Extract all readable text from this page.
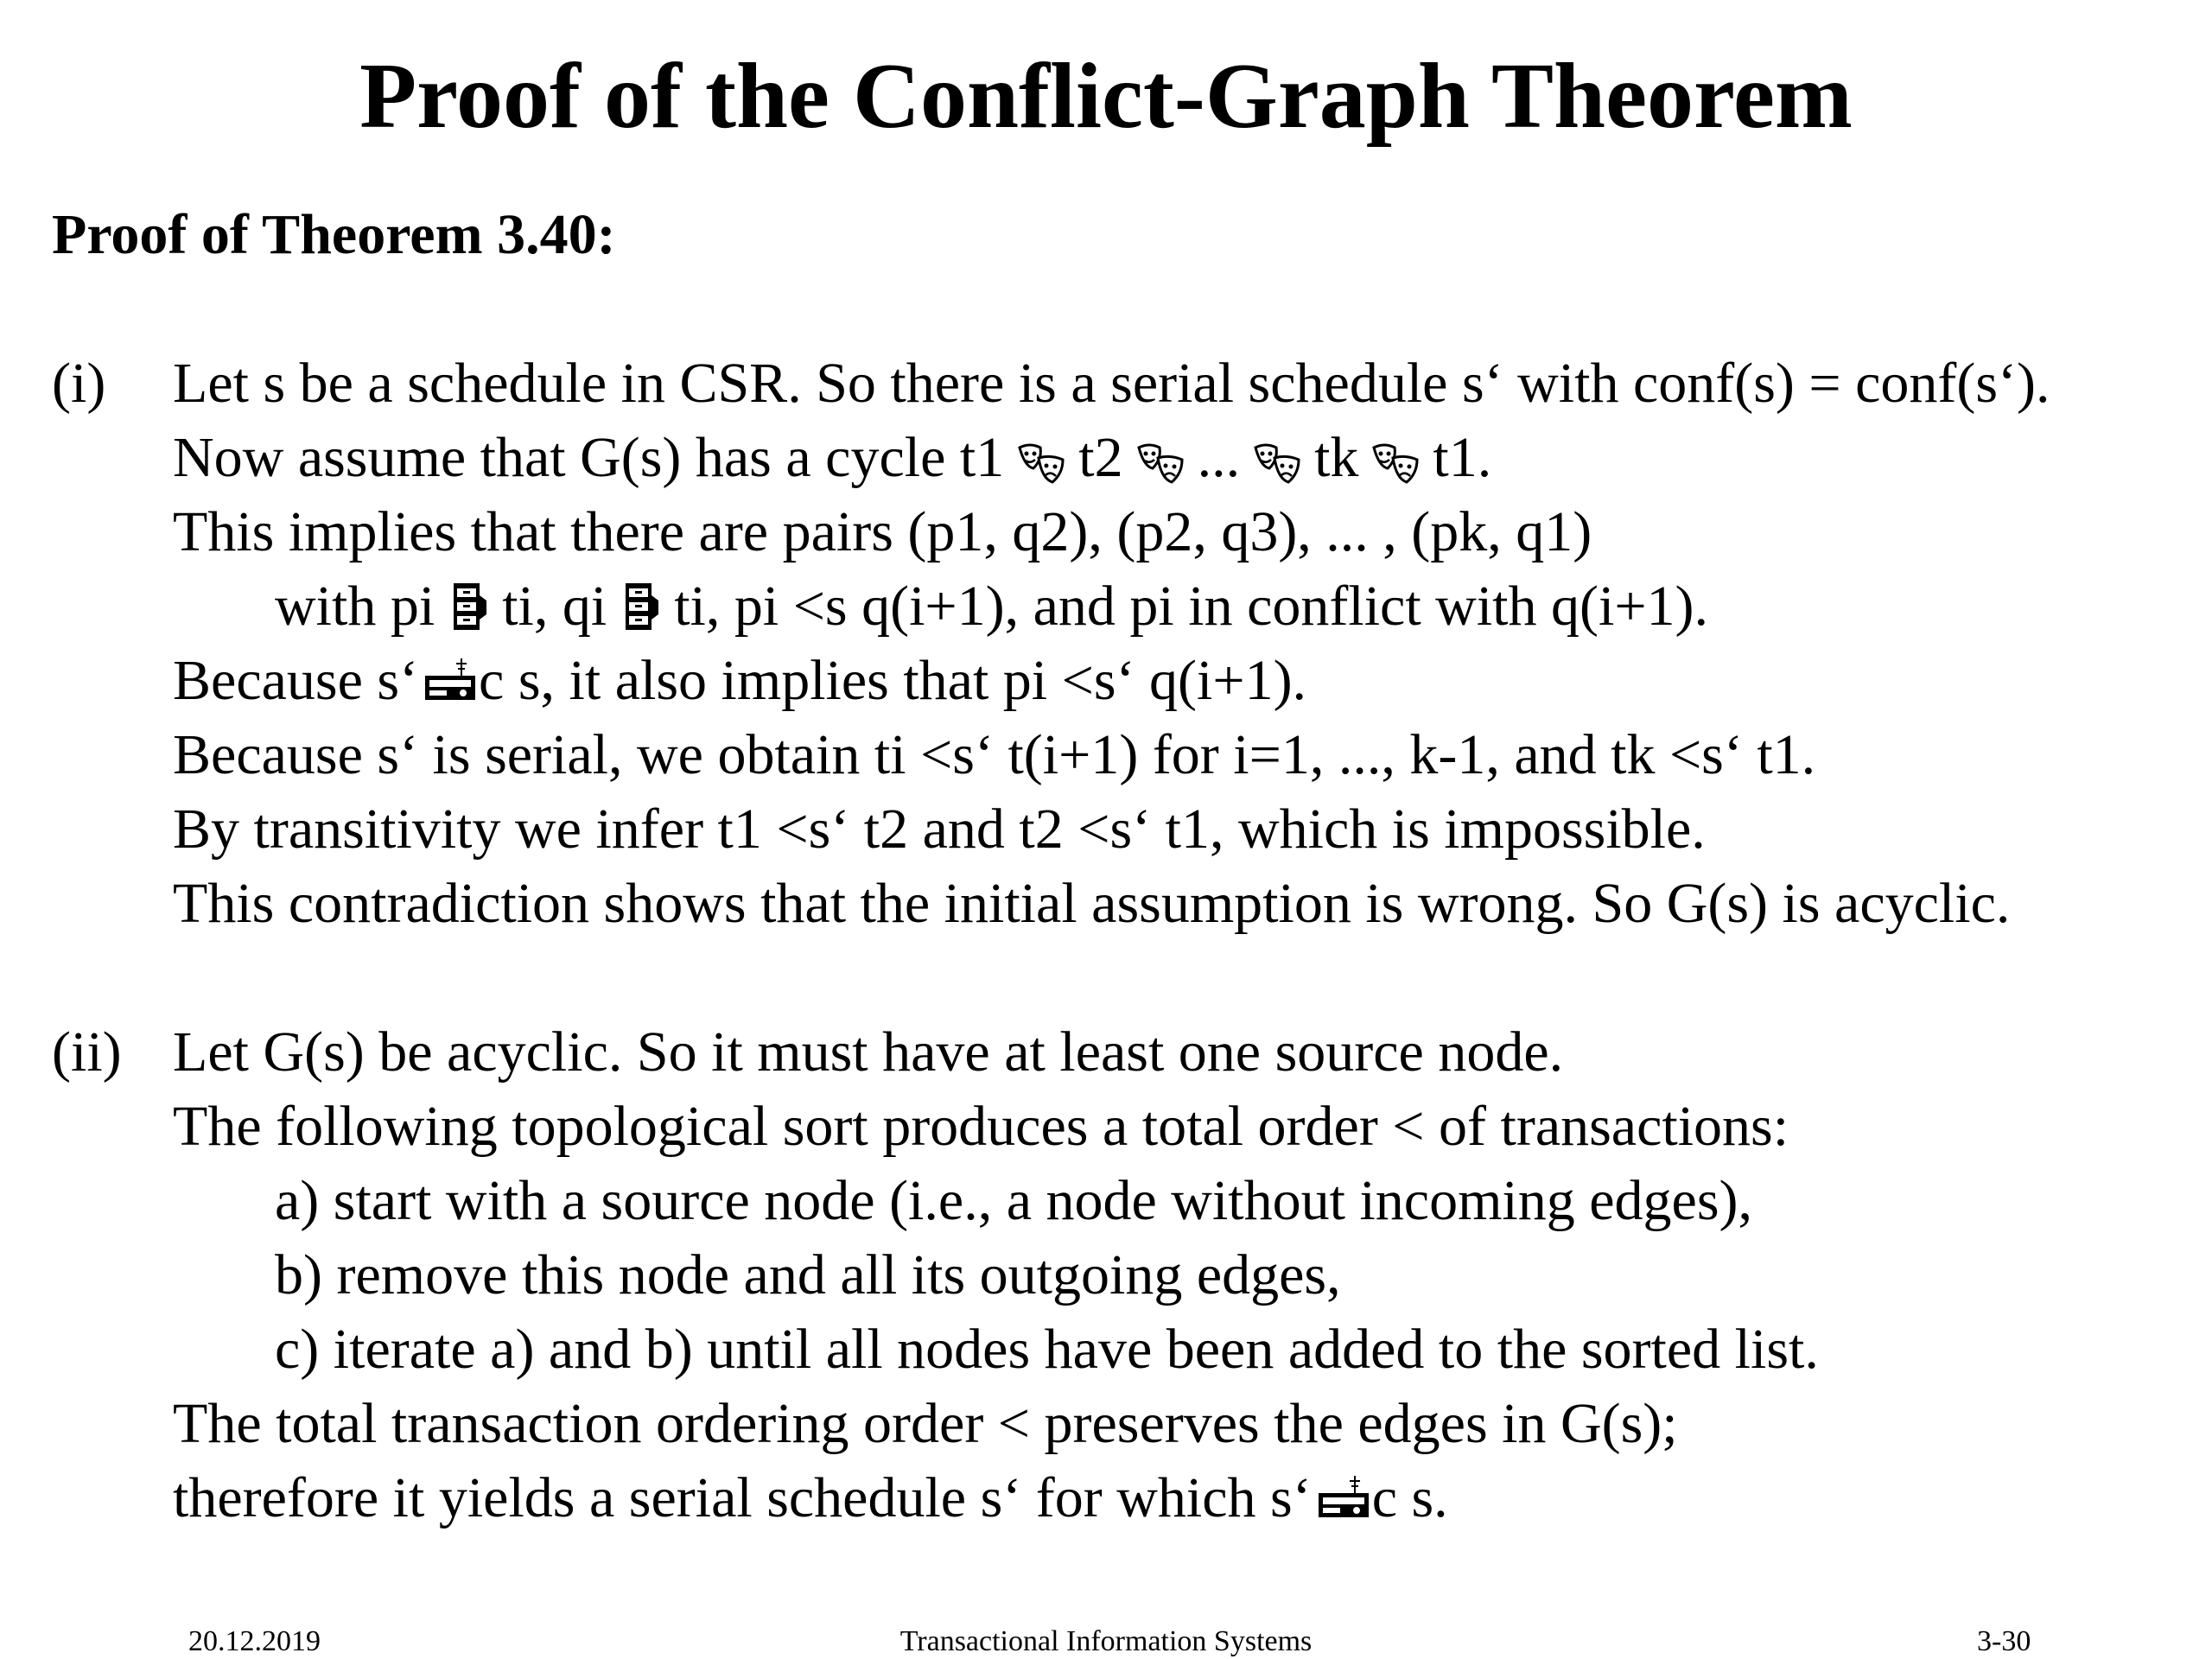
Proof of the Conflict-Graph Theorem
Proof of Theorem 3.40:
(i) Let s be a schedule in CSR. So there is a serial schedule s‘ with conf(s) = conf(s‘).
Now assume that G(s) has a cycle t1 t2 ... tk t1.
This implies that there are pairs (p1, q2), (p2, q3), ... , (pk, q1)
with pi ti, qi ti, pi <s q(i+1), and pi in conflict with q(i+1).
Because s‘ c s, it also implies that pi <s‘ q(i+1).
Because s‘ is serial, we obtain ti <s‘ t(i+1) for i=1, ..., k-1, and tk <s‘ t1.
By transitivity we infer t1 <s‘ t2 and t2 <s‘ t1, which is impossible.
This contradiction shows that the initial assumption is wrong. So G(s) is acyclic.
(ii) Let G(s) be acyclic. So it must have at least one source node.
The following topological sort produces a total order < of transactions:
a) start with a source node (i.e., a node without incoming edges),
b) remove this node and all its outgoing edges,
c) iterate a) and b) until all nodes have been added to the sorted list.
The total transaction ordering order < preserves the edges in G(s);
therefore it yields a serial schedule s‘ for which s‘ c s.
20.12.2019	Transactional Information Systems	3-30
